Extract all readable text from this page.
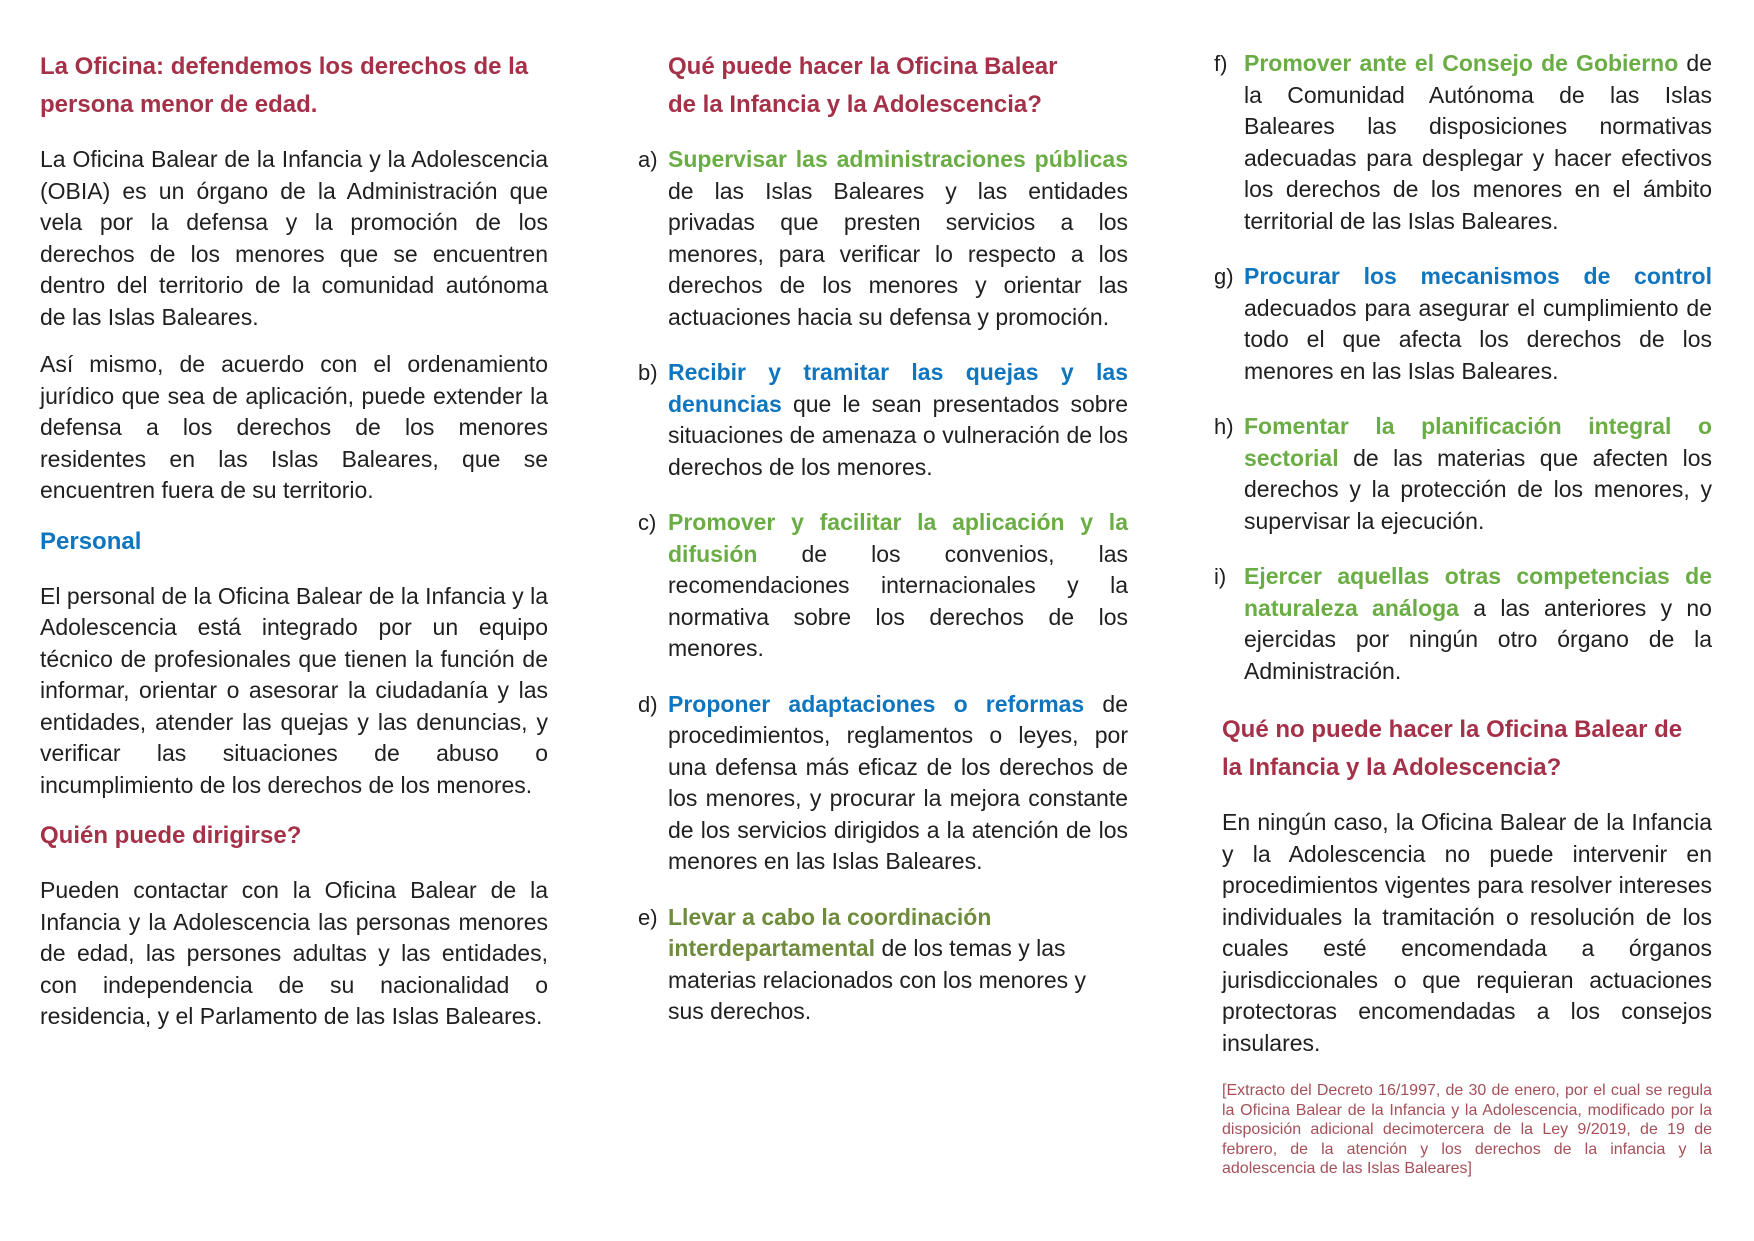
La Oficina: defendemos los derechos de la
persona menor de edad.

La Oficina Balear de la Infancia y la Adolescencia (OBIA) es un órgano de la Administración que vela por la defensa y la promoción de los derechos de los menores que se encuentren dentro del territorio de la comunidad autónoma de las Islas Baleares.

Así mismo, de acuerdo con el ordenamiento jurídico que sea de aplicación, puede extender la defensa a los derechos de los menores residentes en las Islas Baleares, que se encuentren fuera de su territorio.

Personal

El personal de la Oficina Balear de la Infancia y la Adolescencia está integrado por un equipo técnico de profesionales que tienen la función de informar, orientar o asesorar la ciudadanía y las entidades, atender las quejas y las denuncias, y verificar las situaciones de abuso o incumplimiento de los derechos de los menores.

Quién puede dirigirse?

Pueden contactar con la Oficina Balear de la Infancia y la Adolescencia las personas menores de edad, las persones adultas y las entidades, con independencia de su nacionalidad o residencia, y el Parlamento de las Islas Baleares.

Qué puede hacer la Oficina Balear
de la Infancia y la Adolescencia?
a) Supervisar las administraciones públicas de las Islas Baleares y las entidades privadas que presten servicios a los menores, para verificar lo respecto a los derechos de los menores y orientar las actuaciones hacia su defensa y promoción.

b) Recibir y tramitar las quejas y las denuncias que le sean presentados sobre situaciones de amenaza o vulneración de los derechos de los menores.

c) Promover y facilitar la aplicación y la difusión de los convenios, las recomendaciones internacionales y la normativa sobre los derechos de los menores.

d) Proponer adaptaciones o reformas de procedimientos, reglamentos o leyes, por una defensa más eficaz de los derechos de los menores, y procurar la mejora constante de los servicios dirigidos a la atención de los menores en las Islas Baleares.

e) Llevar a cabo la coordinación interdepartamental de los temas y las materias relacionados con los menores y sus derechos.

f) Promover ante el Consejo de Gobierno de la Comunidad Autónoma de las Islas Baleares las disposiciones normativas adecuadas para desplegar y hacer efectivos los derechos de los menores en el ámbito territorial de las Islas Baleares.

g) Procurar los mecanismos de control adecuados para asegurar el cumplimiento de todo el que afecta los derechos de los menores en las Islas Baleares.

h) Fomentar la planificación integral o sectorial de las materias que afecten los derechos y la protección de los menores, y supervisar la ejecución.

i) Ejercer aquellas otras competencias de naturaleza análoga a las anteriores y no ejercidas por ningún otro órgano de la Administración.

Qué no puede hacer la Oficina Balear de
la Infancia y la Adolescencia?

En ningún caso, la Oficina Balear de la Infancia y la Adolescencia no puede intervenir en procedimientos vigentes para resolver intereses individuales la tramitación o resolución de los cuales esté encomendada a órganos jurisdiccionales o que requieran actuaciones protectoras encomendadas a los consejos insulares.

[Extracto del Decreto 16/1997, de 30 de enero, por el cual se regula la Oficina Balear de la Infancia y la Adolescencia, modificado por la disposición adicional decimotercera de la Ley 9/2019, de 19 de febrero, de la atención y los derechos de la infancia y la adolescencia de las Islas Baleares]
